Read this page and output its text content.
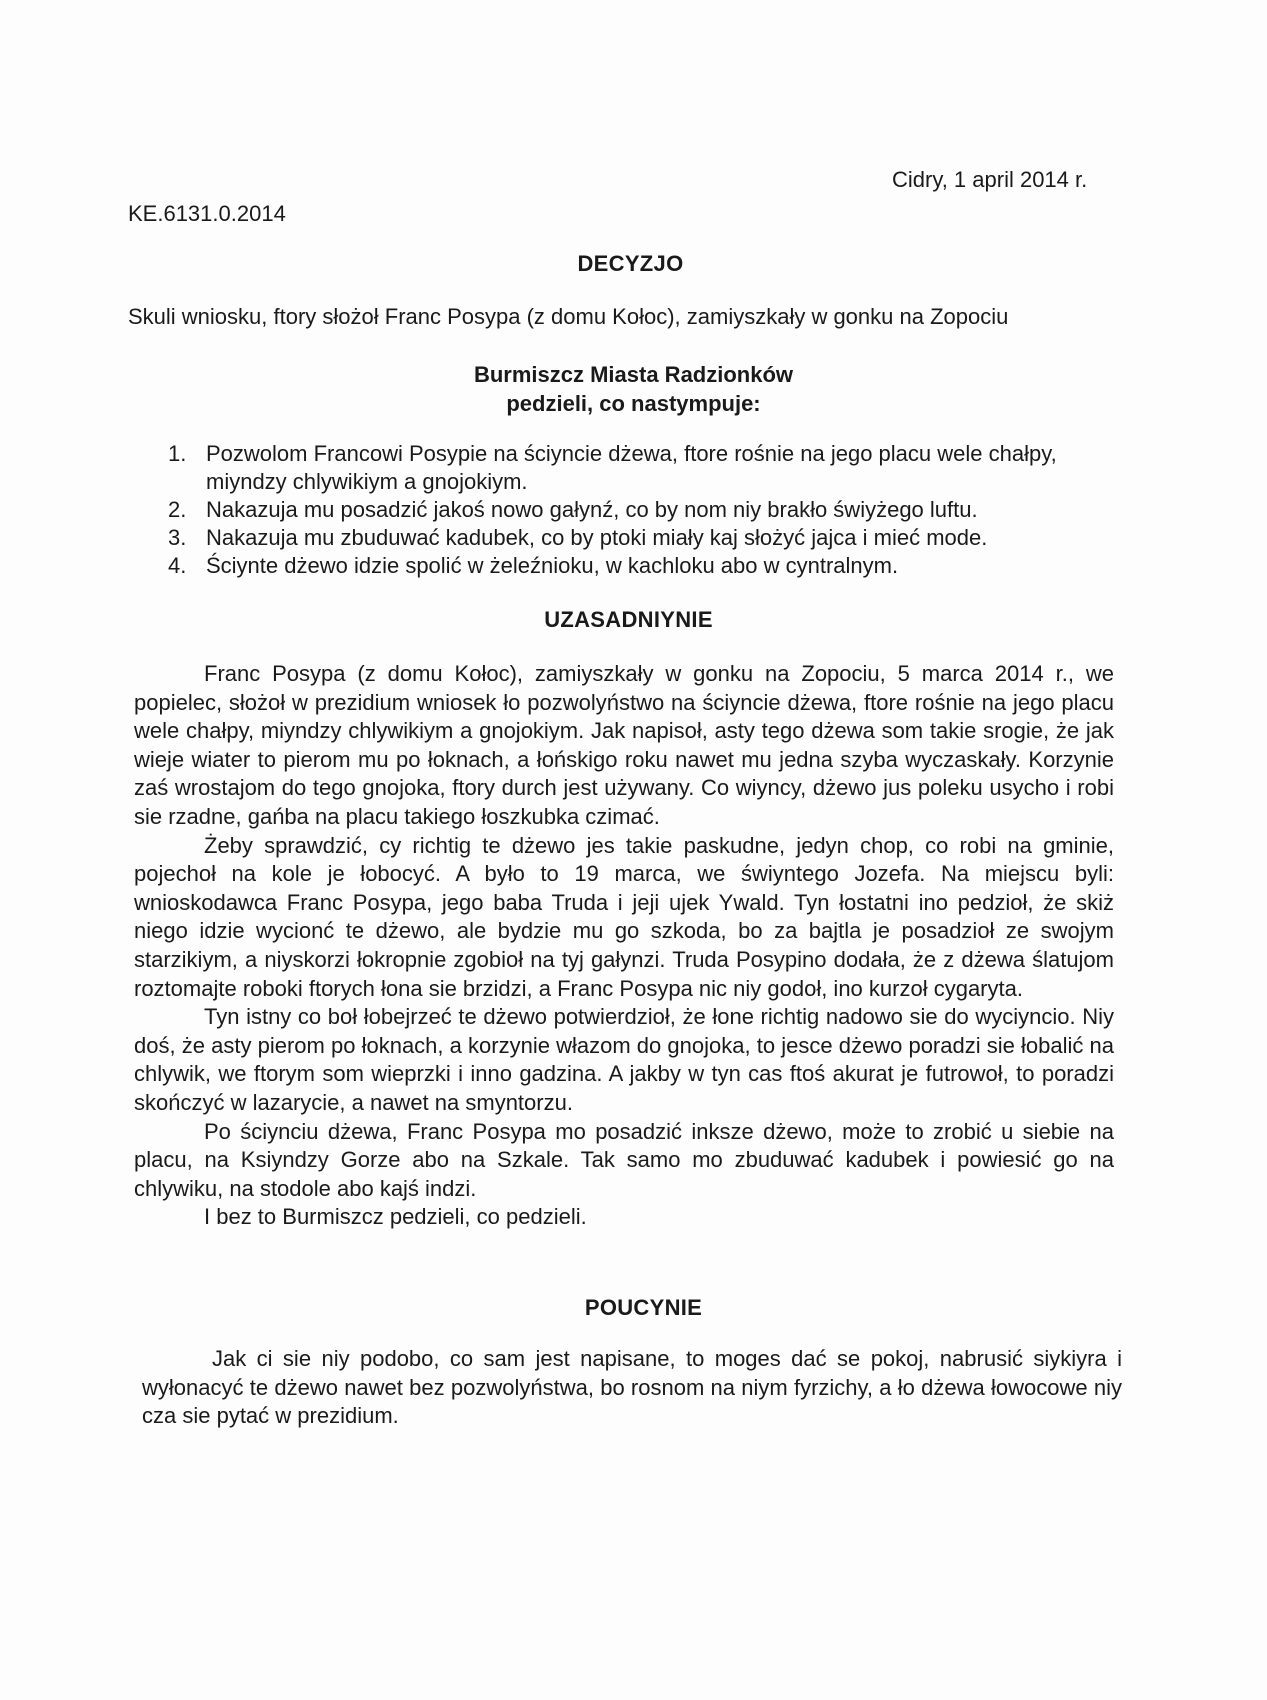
Cidry, 1 april 2014 r.
KE.6131.0.2014
DECYZJO
Skuli wniosku, ftory słożoł Franc Posypa (z domu Kołoc), zamiyszkały w gonku na Zopociu
Burmiszcz Miasta Radzionków
pedzieli, co nastympuje:
1. Pozwolom Francowi Posypie na ściyncie dżewa, ftore rośnie na jego placu wele chałpy, miyndzy chlywikiym a gnojokiym.
2. Nakazuja mu posadzić jakoś nowo gałynź, co by nom niy brakło świyżego luftu.
3. Nakazuja mu zbuduwać kadubek, co by ptoki miały kaj słożyć jajca i mieć mode.
4. Ściynte dżewo idzie spolić w żeleźnioku, w kachloku abo w cyntralnym.
UZASADNIYNIE

Franc Posypa (z domu Kołoc), zamiyszkały w gonku na Zopociu, 5 marca 2014 r., we popielec, słożoł w prezidium wniosek ło pozwolyństwo na ściyncie dżewa, ftore rośnie na jego placu wele chałpy, miyndzy chlywikiym a gnojokiym. Jak napisoł, asty tego dżewa som takie srogie, że jak wieje wiater to pierom mu po łoknach, a łońskigo roku nawet mu jedna szyba wyczaskały. Korzynie zaś wrostajom do tego gnojoka, ftory durch jest używany. Co wiyncy, dżewo jus poleku usycho i robi sie rzadne, gańba na placu takiego łoszkubka czimać.

Żeby sprawdzić, cy richtig te dżewo jes takie paskudne, jedyn chop, co robi na gminie, pojechoł na kole je łobocyć. A było to 19 marca, we świyntego Jozefa. Na miejscu byli: wnioskodawca Franc Posypa, jego baba Truda i jeji ujek Ywald. Tyn łostatni ino pedzioł, że skiż niego idzie wycionć te dżewo, ale bydzie mu go szkoda, bo za bajtla je posadzioł ze swojym starzikiym, a niyskorzi łokropnie zgobioł na tyj gałynzi. Truda Posypino dodała, że z dżewa ślatujom roztomajte roboki ftorych łona sie brzidzi, a Franc Posypa nic niy godoł, ino kurzoł cygaryta.

Tyn istny co boł łobejrzeć te dżewo potwierdzioł, że łone richtig nadowo sie do wyciyncio. Niy doś, że asty pierom po łoknach, a korzynie włazom do gnojoka, to jesce dżewo poradzi sie łobalić na chlywik, we ftorym som wieprzki i inno gadzina. A jakby w tyn cas ftoś akurat je futrowoł, to poradzi skończyć w lazarycie, a nawet na smyntorzu.

Po ściynciu dżewa, Franc Posypa mo posadzić inksze dżewo, może to zrobić u siebie na placu, na Ksiyndzy Gorze abo na Szkale. Tak samo mo zbuduwać kadubek i powiesić go na chlywiku, na stodole abo kajś indzi.

I bez to Burmiszcz pedzieli, co pedzieli.

POUCYNIE

Jak ci sie niy podobo, co sam jest napisane, to moges dać se pokoj, nabrusić siykiyra i wyłonacyć te dżewo nawet bez pozwolyństwa, bo rosnom na niym fyrzichy, a ło dżewa łowocowe niy cza sie pytać w prezidium.
